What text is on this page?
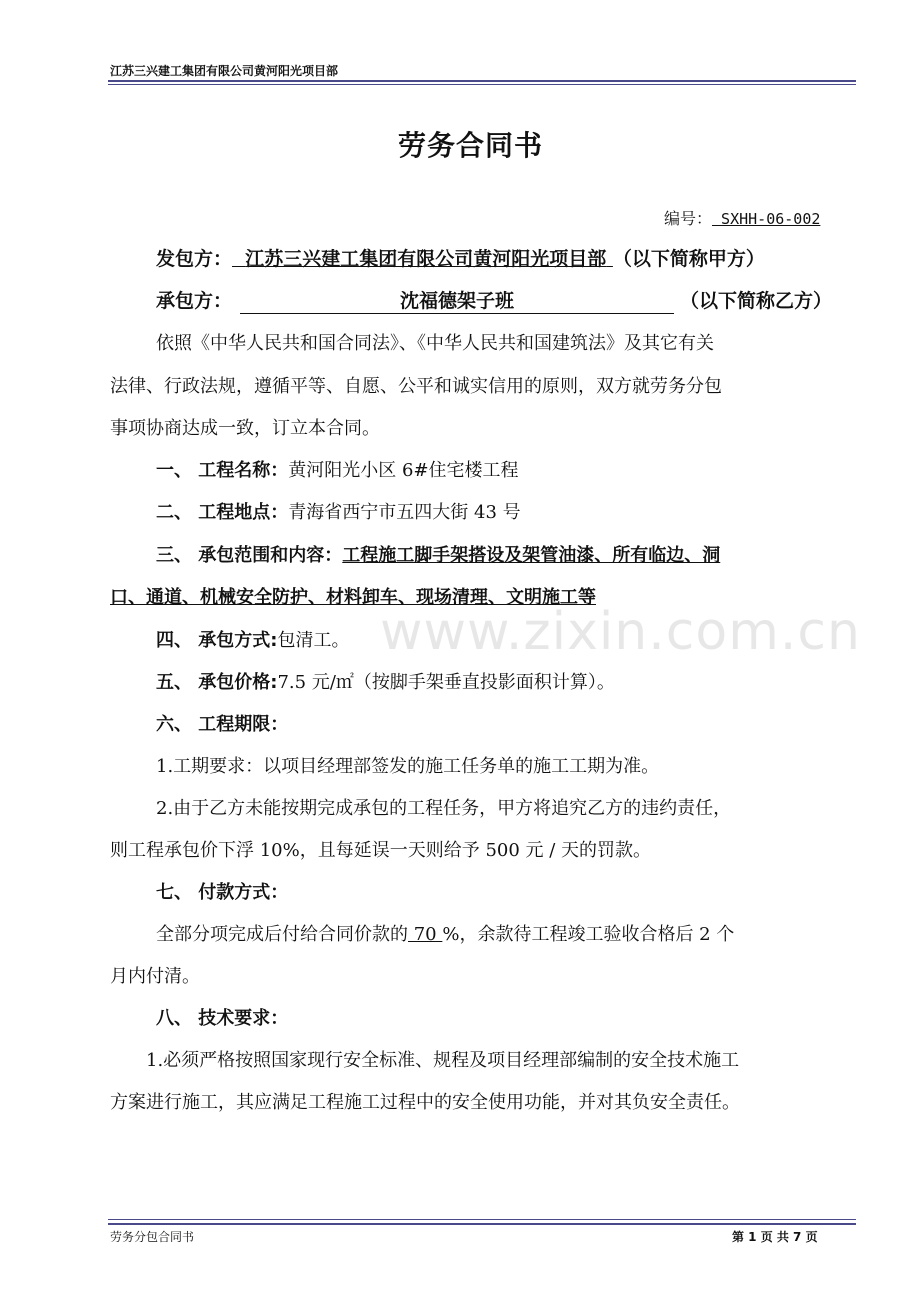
江苏三兴建工集团有限公司黄河阳光项目部
劳务合同书
编号： SXHH-06-002
发包方： 江苏三兴建工集团有限公司黄河阳光项目部 （以下简称甲方）
承包方：	沈福德架子班	（以下简称乙方）
依照《中华人民共和国合同法》、《中华人民共和国建筑法》及其它有关
法律、行政法规，遵循平等、自愿、公平和诚实信用的原则，双方就劳务分包
事项协商达成一致，订立本合同。
一、 工程名称：黄河阳光小区 6#住宅楼工程
二、 工程地点：青海省西宁市五四大街 43 号
三、 承包范围和内容：工程施工脚手架搭设及架管油漆、所有临边、洞
口、通道、机械安全防护、材料卸车、现场清理、文明施工等
www.zixin.com.cn
四、 承包方式:包清工。
五、 承包价格:7.5 元/㎡（按脚手架垂直投影面积计算）。
六、 工程期限：
1.工期要求：以项目经理部签发的施工任务单的施工工期为准。
2.由于乙方未能按期完成承包的工程任务，甲方将追究乙方的违约责任，
则工程承包价下浮 10%，且每延误一天则给予 500 元 / 天的罚款。
七、 付款方式：
全部分项完成后付给合同价款的 70 %，余款待工程竣工验收合格后 2 个
月内付清。
八、 技术要求：
1.必须严格按照国家现行安全标准、规程及项目经理部编制的安全技术施工
方案进行施工，其应满足工程施工过程中的安全使用功能，并对其负安全责任。
劳务分包合同书	第 1 页 共 7 页
